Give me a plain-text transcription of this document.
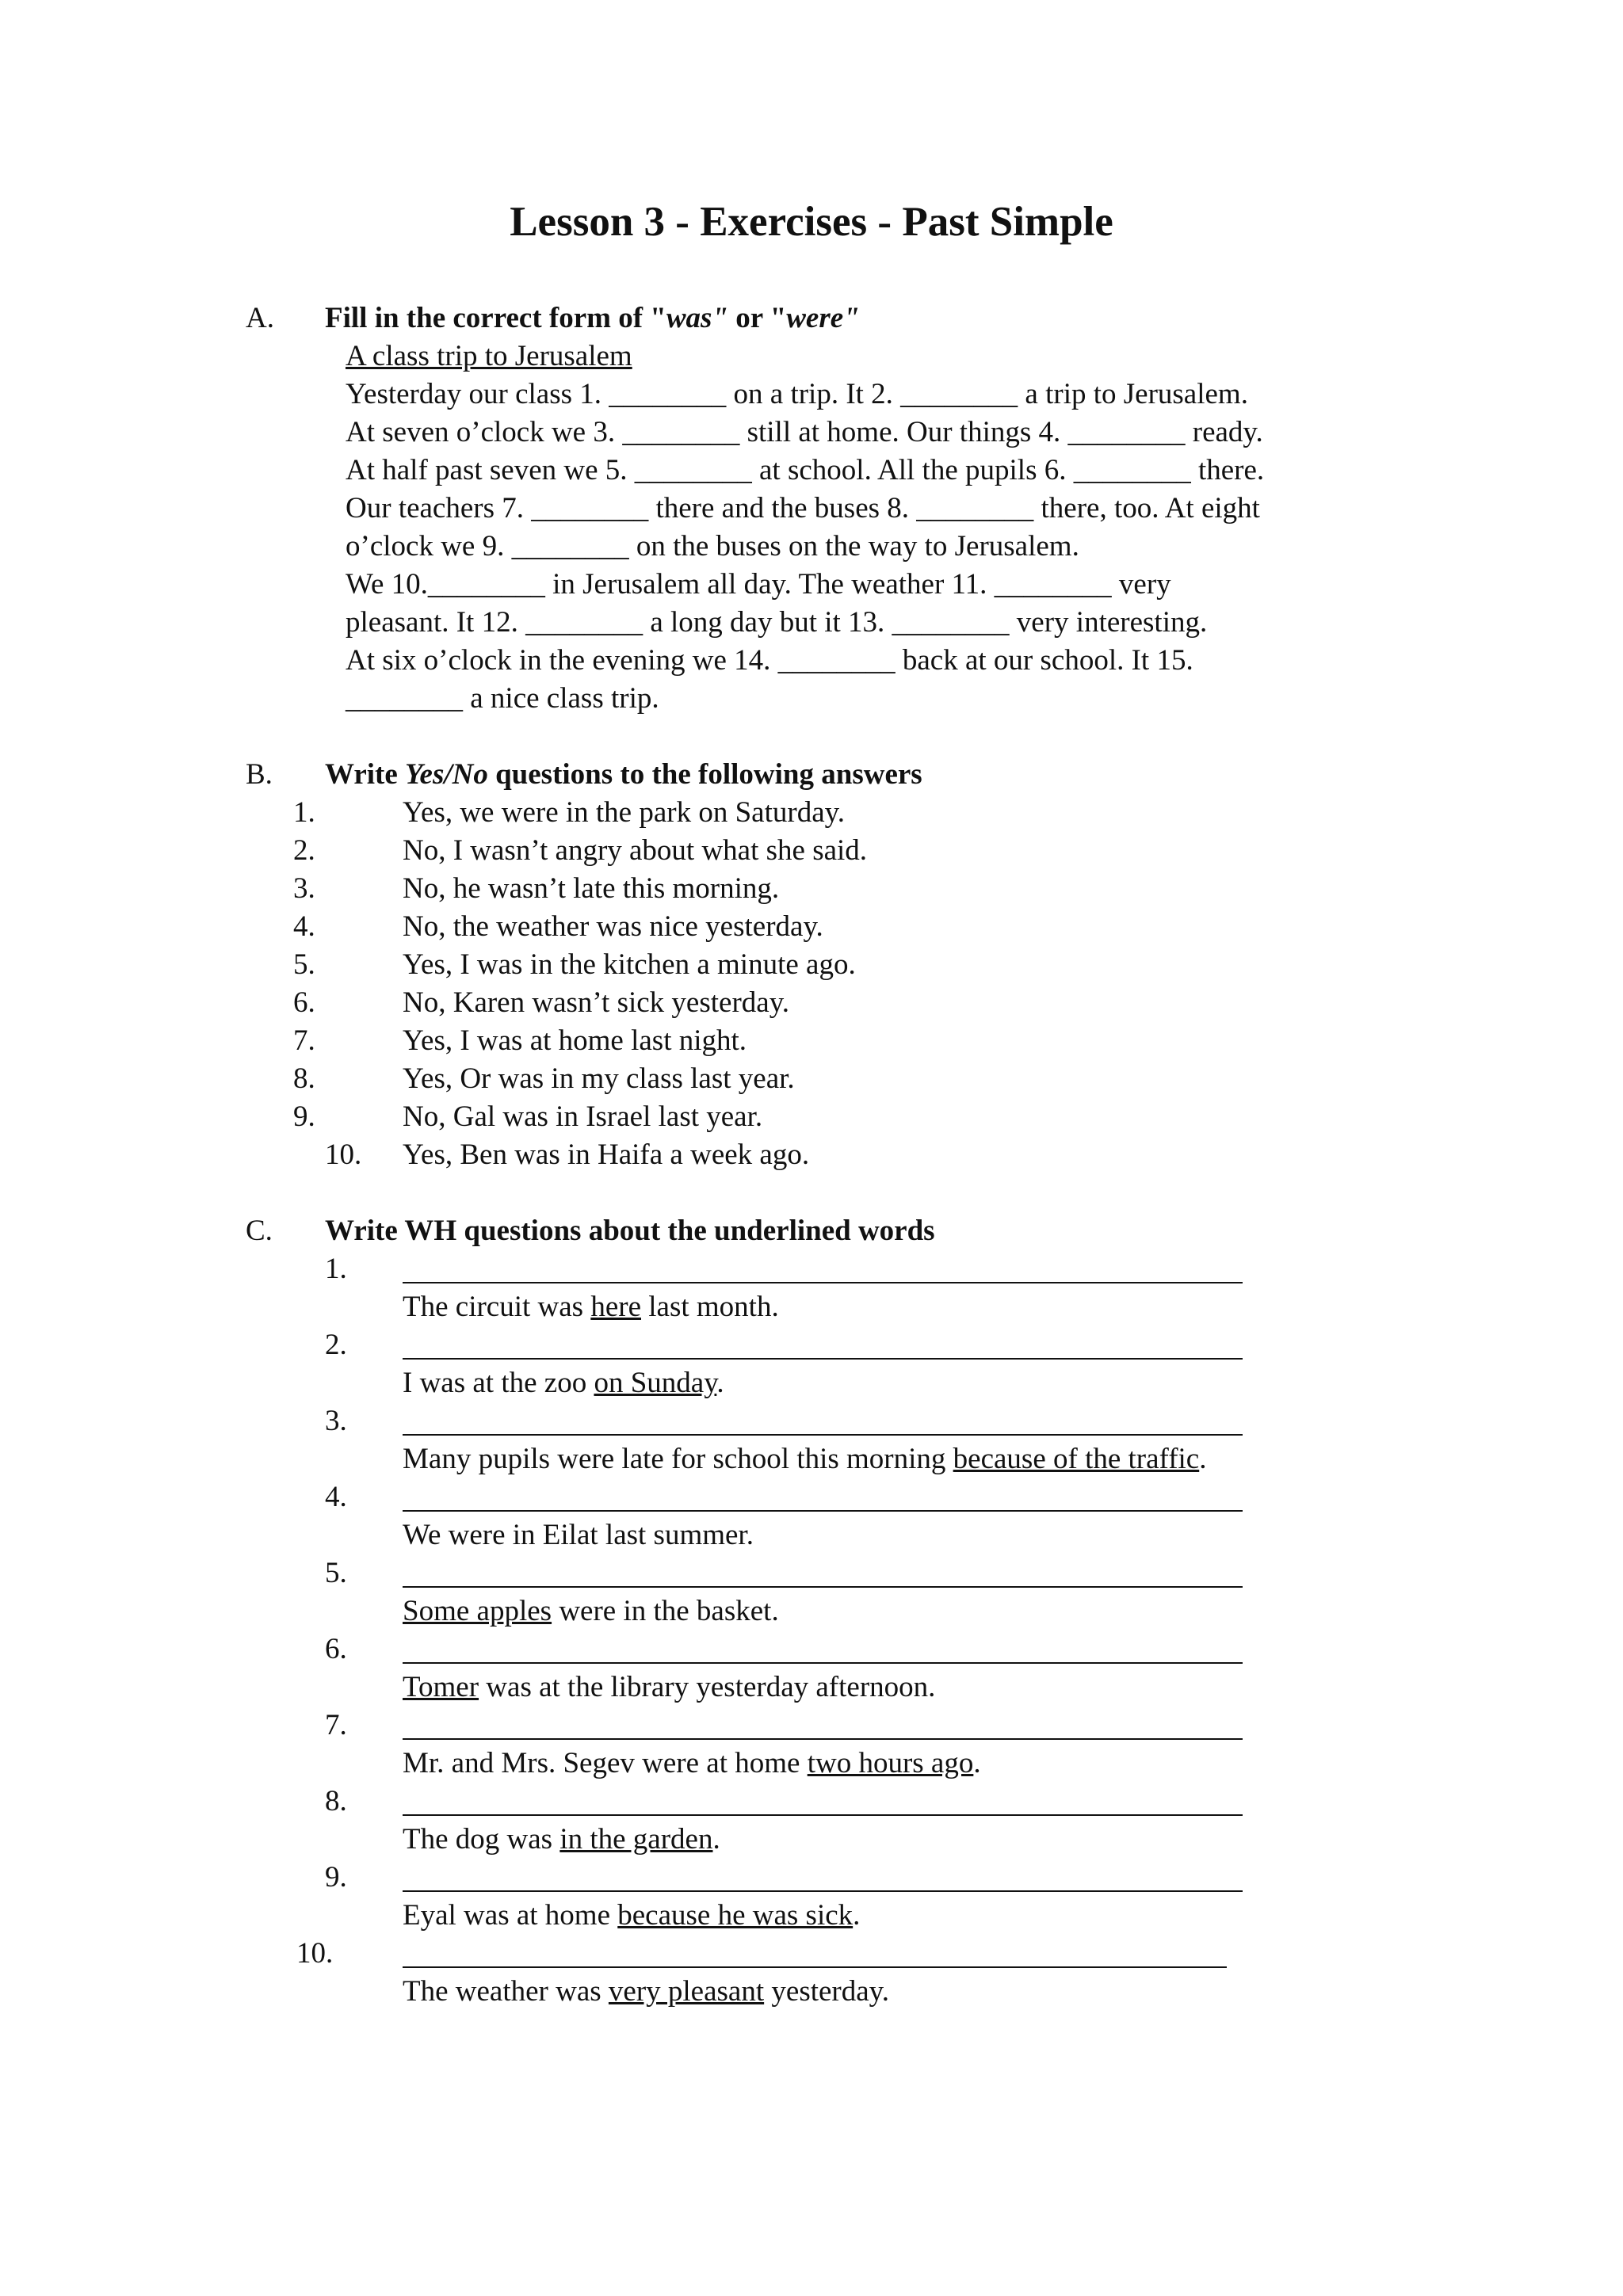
Lesson 3 - Exercises - Past Simple
A. Fill in the correct form of "was" or "were"
A class trip to Jerusalem
Yesterday our class 1. ________ on a trip. It 2. ________ a trip to Jerusalem.
At seven o’clock we 3. ________ still at home. Our things 4. ________ ready.
At half past seven we 5. ________ at school. All the pupils 6. ________ there.
Our teachers 7. ________ there and the buses 8. ________ there, too. At eight
o’clock we 9. ________ on the buses on the way to Jerusalem.
We 10.________ in Jerusalem all day. The weather 11. ________ very
pleasant. It 12. ________ a long day but it 13. ________ very interesting.
At six o’clock in the evening we 14. ________ back at our school. It 15.
________ a nice class trip.
B. Write Yes/No questions to the following answers
1.	Yes, we were in the park on Saturday.
2.	No, I wasn’t angry about what she said.
3.	No, he wasn’t late this morning.
4.	No, the weather was nice yesterday.
5.	Yes, I was in the kitchen a minute ago.
6.	No, Karen wasn’t sick yesterday.
7.	Yes, I was at home last night.
8.	Yes, Or was in my class last year.
9.	No, Gal was in Israel last year.
10. Yes, Ben was in Haifa a week ago.
C. Write WH questions about the underlined words
1.
The circuit was here last month.
2.
I was at the zoo on Sunday.
3.
Many pupils were late for school this morning because of the traffic.
4.
We were in Eilat last summer.
5.
Some apples were in the basket.
6.
Tomer was at the library yesterday afternoon.
7.
Mr. and Mrs. Segev were at home two hours ago.
8.
The dog was in the garden.
9.
Eyal was at home because he was sick.
10.
The weather was very pleasant yesterday.
